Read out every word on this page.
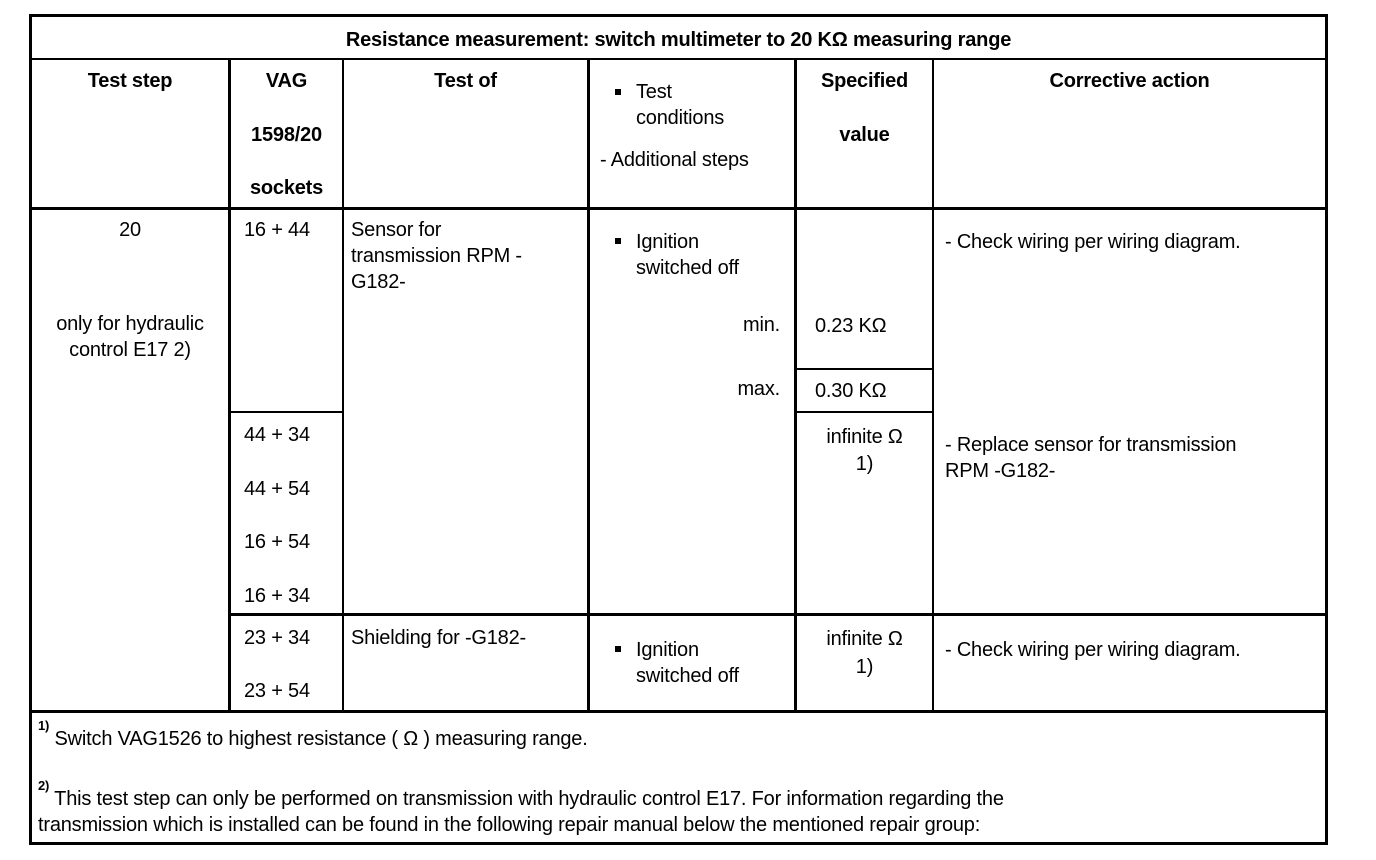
Resistance measurement: switch multimeter to 20 KΩ measuring range
Test step	VAG
1598/20
sockets
Test of	Test
conditions
- Additional steps
Specified
value
Corrective action
20
only for hydraulic
control E17 2)
16 + 44
44 + 34
44 + 54
16 + 54
16 + 34
Sensor for
transmission RPM -
G182-
Ignition
switched off
min.
max.
0.23 KΩ
0.30 KΩ
infinite Ω
1)
- Check wiring per wiring diagram.
- Replace sensor for transmission
RPM -G182-
23 + 34
23 + 54
Shielding for -G182-
Ignition
switched off
infinite Ω
1)
- Check wiring per wiring diagram.
$^{1)}$ Switch VAG1526 to highest resistance ( Ω ) measuring range.
$^{2)}$ This test step can only be performed on transmission with hydraulic control E17. For information regarding the
transmission which is installed can be found in the following repair manual below the mentioned repair group:
